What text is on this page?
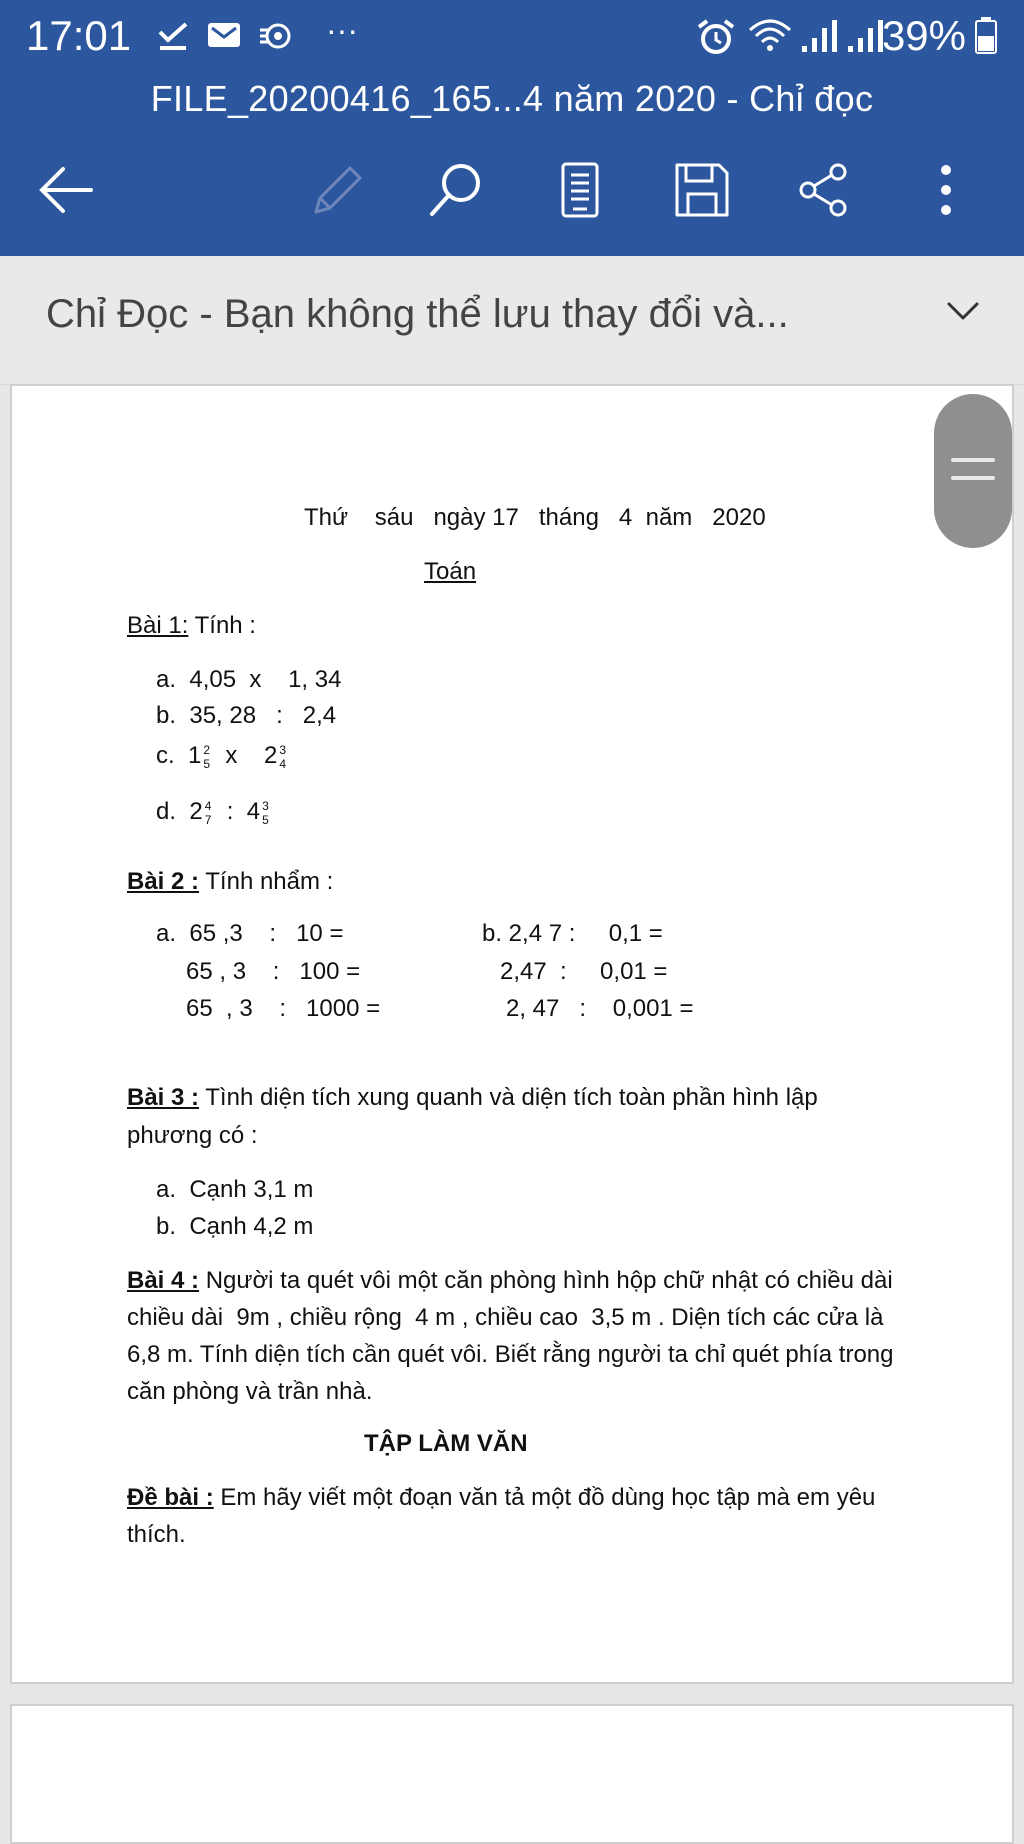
17:01	···	39%
FILE_20200416_165...4 năm 2020 - Chỉ đọc
Chỉ Đọc - Bạn không thể lưu thay đổi và...
Thứ    sáu   ngày 17   tháng   4  năm   2020
Toán
Bài 1: Tính :
a.  4,05  x    1, 34
b.  35, 28   :   2,4
c.  1 2
5 x    2 3
4
d.  2 4
7 :  4 3
5
Bài 2 : Tính nhẩm :
a.  65 ,3    :   10 =
65 , 3    :   100 =
65  , 3    :   1000 =
b. 2,4 7 :     0,1 =
2,47  :     0,01 =
2, 47   :    0,001 =
Bài 3 : Tình diện tích xung quanh và diện tích toàn phần hình lập
phương có :
a.  Cạnh 3,1 m
b.  Cạnh 4,2 m
Bài 4 : Người ta quét vôi một căn phòng hình hộp chữ nhật có chiều dài
chiều dài  9m , chiều rộng  4 m , chiều cao  3,5 m . Diện tích các cửa là
6,8 m. Tính diện tích cần quét vôi. Biết rằng người ta chỉ quét phía trong
căn phòng và trần nhà.
TẬP LÀM VĂN
Đề bài : Em hãy viết một đoạn văn tả một đồ dùng học tập mà em yêu
thích.
